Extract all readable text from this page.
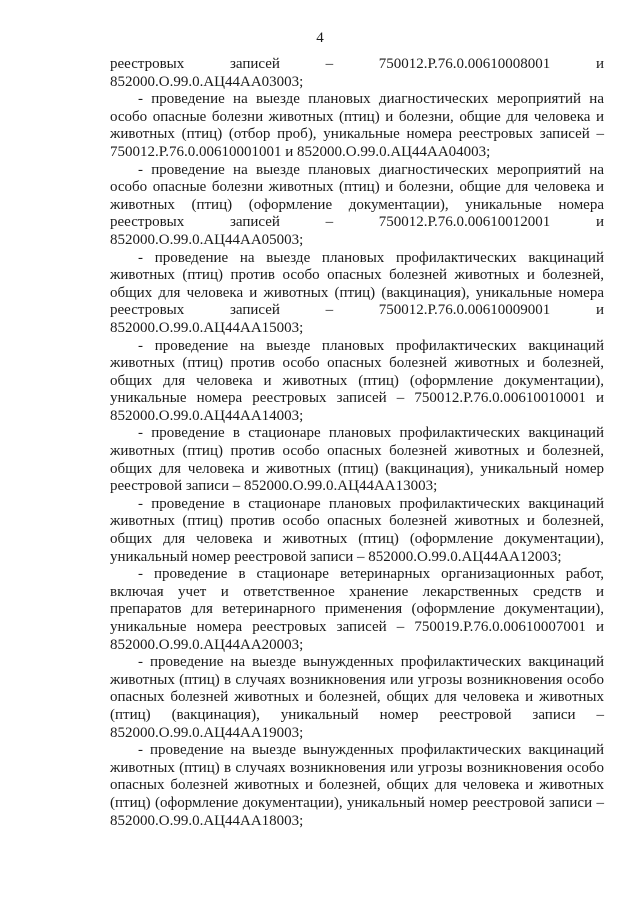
4

реестровых записей – 750012.Р.76.0.00610008001 и 852000.О.99.0.АЦ44АА03003;

- проведение на выезде плановых диагностических мероприятий на особо опасные болезни животных (птиц) и болезни, общие для человека и животных (птиц) (отбор проб), уникальные номера реестровых записей – 750012.Р.76.0.00610001001 и 852000.О.99.0.АЦ44АА04003;

- проведение на выезде плановых диагностических мероприятий на особо опасные болезни животных (птиц) и болезни, общие для человека и животных (птиц) (оформление документации), уникальные номера реестровых записей – 750012.Р.76.0.00610012001 и 852000.О.99.0.АЦ44АА05003;

- проведение на выезде плановых профилактических вакцинаций животных (птиц) против особо опасных болезней животных и болезней, общих для человека и животных (птиц) (вакцинация), уникальные номера реестровых записей – 750012.Р.76.0.00610009001 и 852000.О.99.0.АЦ44АА15003;

- проведение на выезде плановых профилактических вакцинаций животных (птиц) против особо опасных болезней животных и болезней, общих для человека и животных (птиц) (оформление документации), уникальные номера реестровых записей – 750012.Р.76.0.00610010001 и 852000.О.99.0.АЦ44АА14003;

- проведение в стационаре плановых профилактических вакцинаций животных (птиц) против особо опасных болезней животных и болезней, общих для человека и животных (птиц) (вакцинация), уникальный номер реестровой записи – 852000.О.99.0.АЦ44АА13003;

- проведение в стационаре плановых профилактических вакцинаций животных (птиц) против особо опасных болезней животных и болезней, общих для человека и животных (птиц) (оформление документации), уникальный номер реестровой записи – 852000.О.99.0.АЦ44АА12003;

- проведение в стационаре ветеринарных организационных работ, включая учет и ответственное хранение лекарственных средств и препаратов для ветеринарного применения (оформление документации), уникальные номера реестровых записей – 750019.Р.76.0.00610007001 и 852000.О.99.0.АЦ44АА20003;

- проведение на выезде вынужденных профилактических вакцинаций животных (птиц) в случаях возникновения или угрозы возникновения особо опасных болезней животных и болезней, общих для человека и животных (птиц) (вакцинация), уникальный номер реестровой записи – 852000.О.99.0.АЦ44АА19003;

- проведение на выезде вынужденных профилактических вакцинаций животных (птиц) в случаях возникновения или угрозы возникновения особо опасных болезней животных и болезней, общих для человека и животных (птиц) (оформление документации), уникальный номер реестровой записи – 852000.О.99.0.АЦ44АА18003;
